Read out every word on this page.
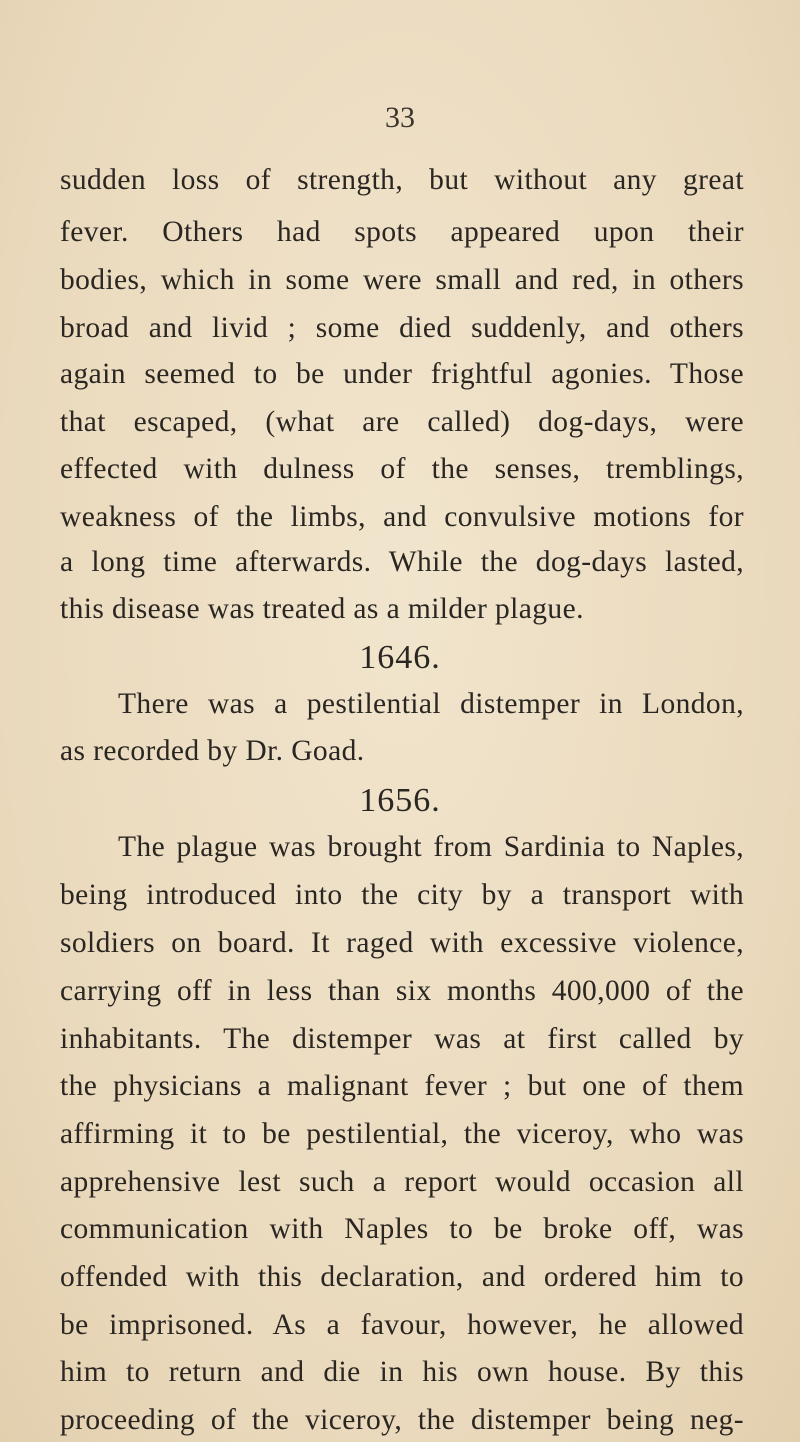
33
sudden loss of strength, but without any great
fever. Others had spots appeared upon their
bodies, which in some were small and red, in others
broad and livid ; some died suddenly, and others
again seemed to be under frightful agonies. Those
that escaped, (what are called) dog-days, were
effected with dulness of the senses, tremblings,
weakness of the limbs, and convulsive motions for
a long time afterwards. While the dog-days lasted,
this disease was treated as a milder plague.
1646.
There was a pestilential distemper in London,
as recorded by Dr. Goad.
1656.
The plague was brought from Sardinia to Naples,
being introduced into the city by a transport with
soldiers on board. It raged with excessive violence,
carrying off in less than six months 400,000 of the
inhabitants. The distemper was at first called by
the physicians a malignant fever ; but one of them
affirming it to be pestilential, the viceroy, who was
apprehensive lest such a report would occasion all
communication with Naples to be broke off, was
offended with this declaration, and ordered him to
be imprisoned. As a favour, however, he allowed
him to return and die in his own house. By this
proceeding of the viceroy, the distemper being neg-
